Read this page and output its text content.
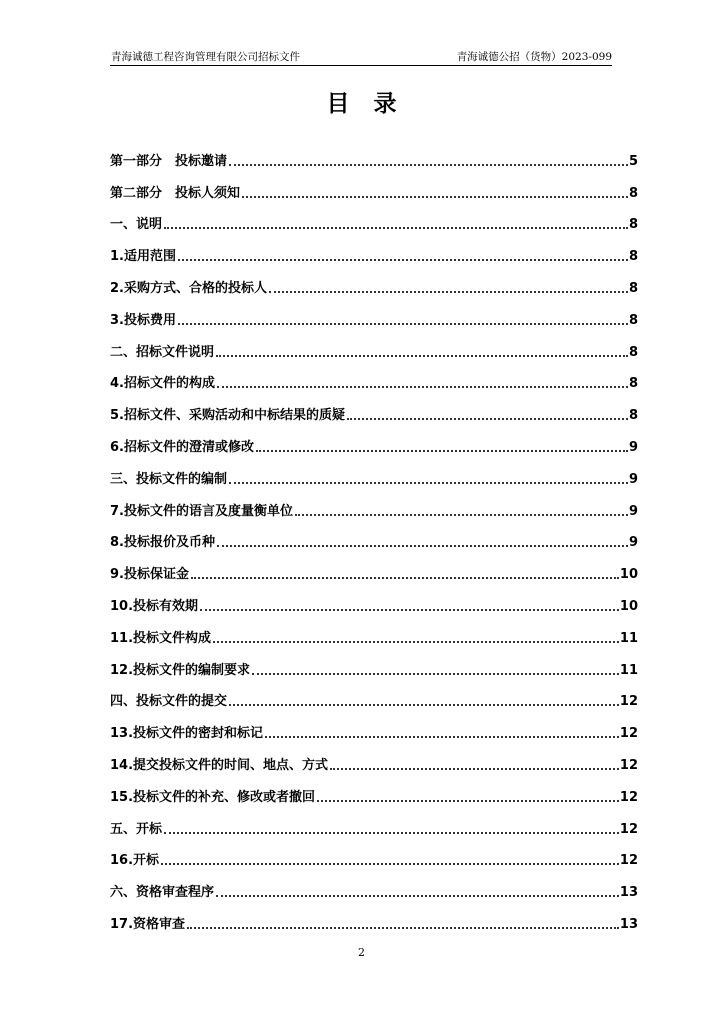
青海诚德工程咨询管理有限公司招标文件	青海诚德公招（货物）2023-099
目录
第一部分　投标邀请	5
第二部分　投标人须知	8
一、说明	8
1.适用范围	8
2.采购方式、合格的投标人	8
3.投标费用	8
二、招标文件说明	8
4.招标文件的构成	8
5.招标文件、采购活动和中标结果的质疑	8
6.招标文件的澄清或修改	9
三、投标文件的编制	9
7.投标文件的语言及度量衡单位	9
8.投标报价及币种	9
9.投标保证金	10
10.投标有效期	10
11.投标文件构成	11
12.投标文件的编制要求	11
四、投标文件的提交	12
13.投标文件的密封和标记	12
14.提交投标文件的时间、地点、方式	12
15.投标文件的补充、修改或者撤回	12
五、开标	12
16.开标	12
六、资格审查程序	13
17.资格审查	13
2
